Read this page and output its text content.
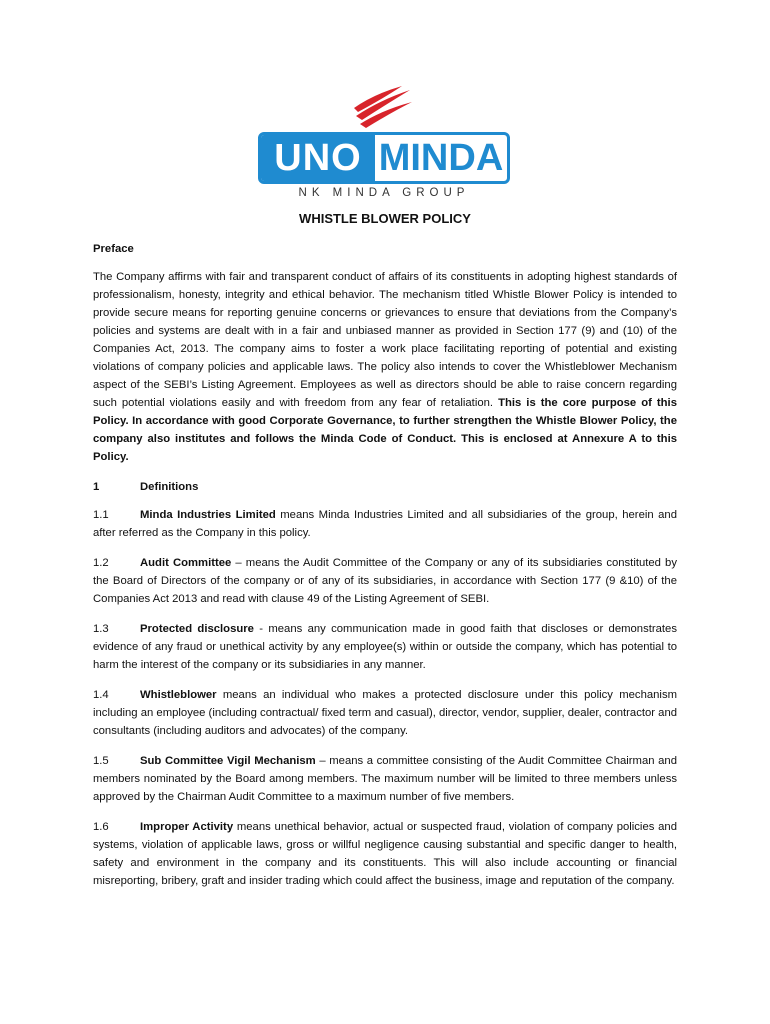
UNO MINDA
NK MINDA GROUP
WHISTLE BLOWER POLICY

Preface

The Company affirms with fair and transparent conduct of affairs of its constituents in adopting highest standards of professionalism, honesty, integrity and ethical behavior. The mechanism titled Whistle Blower Policy is intended to provide secure means for reporting genuine concerns or grievances to ensure that deviations from the Company’s policies and systems are dealt with in a fair and unbiased manner as provided in Section 177 (9) and (10) of the Companies Act, 2013. The company aims to foster a work place facilitating reporting of potential and existing violations of company policies and applicable laws. The policy also intends to cover the Whistleblower Mechanism aspect of the SEBI’s Listing Agreement. Employees as well as directors should be able to raise concern regarding such potential violations easily and with freedom from any fear of retaliation. This is the core purpose of this Policy. In accordance with good Corporate Governance, to further strengthen the Whistle Blower Policy, the company also institutes and follows the Minda Code of Conduct. This is enclosed at Annexure A to this Policy.

1	Definitions

1.1	Minda Industries Limited means Minda Industries Limited and all subsidiaries of the group, herein and after referred as the Company in this policy.

1.2	Audit Committee – means the Audit Committee of the Company or any of its subsidiaries constituted by the Board of Directors of the company or of any of its subsidiaries, in accordance with Section 177 (9 &10) of the Companies Act 2013 and read with clause 49 of the Listing Agreement of SEBI.

1.3	Protected disclosure - means any communication made in good faith that discloses or demonstrates evidence of any fraud or unethical activity by any employee(s) within or outside the company, which has potential to harm the interest of the company or its subsidiaries in any manner.

1.4	Whistleblower means an individual who makes a protected disclosure under this policy mechanism including an employee (including contractual/ fixed term and casual), director, vendor, supplier, dealer, contractor and consultants (including auditors and advocates) of the company.

1.5	Sub Committee Vigil Mechanism – means a committee consisting of the Audit Committee Chairman and members nominated by the Board among members. The maximum number will be limited to three members unless approved by the Chairman Audit Committee to a maximum number of five members.

1.6	Improper Activity means unethical behavior, actual or suspected fraud, violation of company policies and systems, violation of applicable laws, gross or willful negligence causing substantial and specific danger to health, safety and environment in the company and its constituents. This will also include accounting or financial misreporting, bribery, graft and insider trading which could affect the business, image and reputation of the company.
